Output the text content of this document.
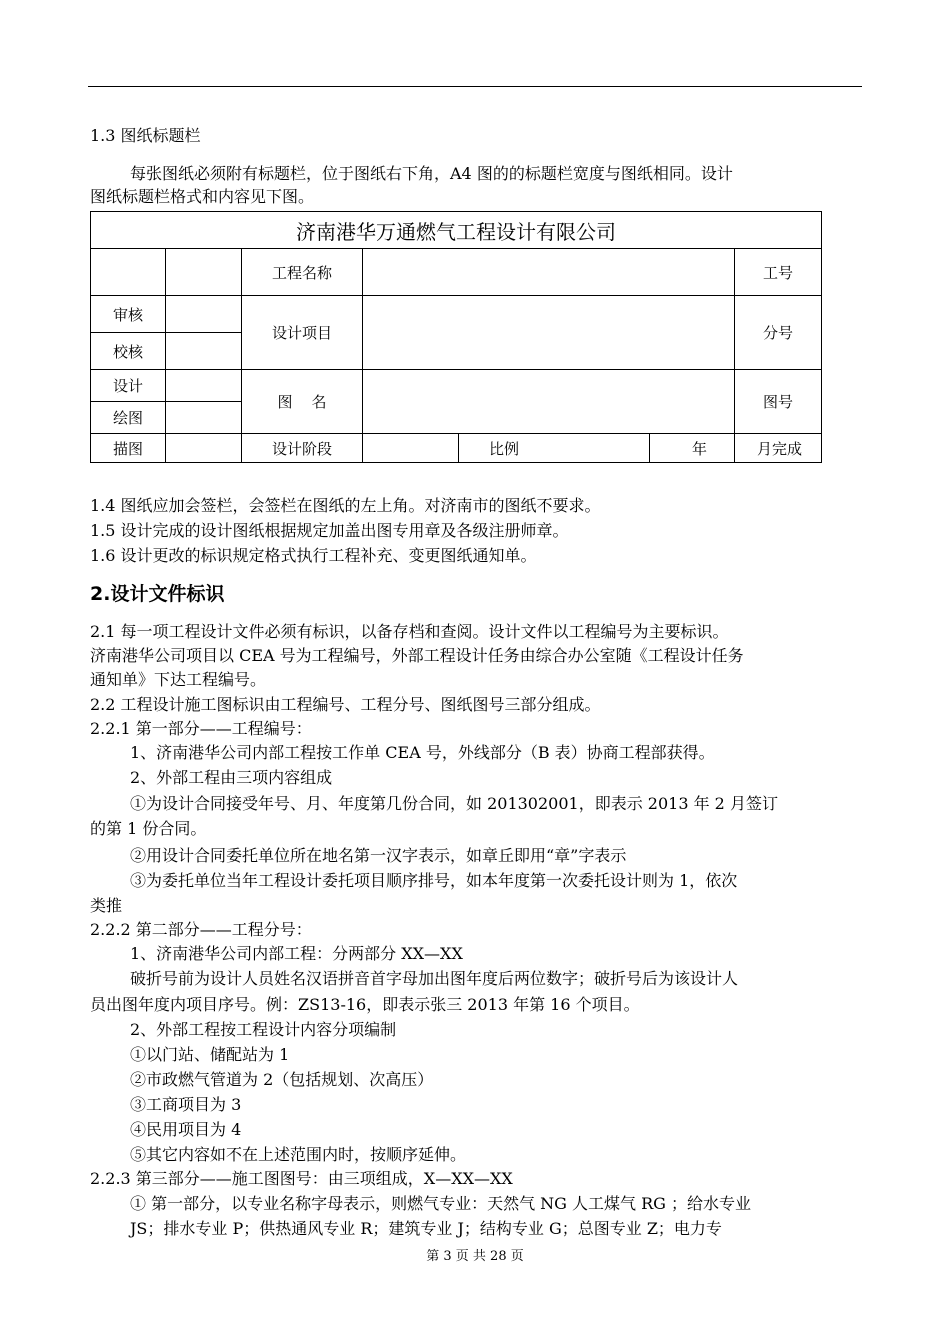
1.3 图纸标题栏
每张图纸必须附有标题栏，位于图纸右下角，A4 图的的标题栏宽度与图纸相同。设计
图纸标题栏格式和内容见下图。
济南港华万通燃气工程设计有限公司						
		工程名称				工号
审核		设计项目				分号
校核						
设计		图    名				图号
绘图						
描图		设计阶段		比例	年	月完成
1.4 图纸应加会签栏，会签栏在图纸的左上角。对济南市的图纸不要求。
1.5 设计完成的设计图纸根据规定加盖出图专用章及各级注册师章。
1.6 设计更改的标识规定格式执行工程补充、变更图纸通知单。
2.设计文件标识
2.1 每一项工程设计文件必须有标识，以备存档和查阅。设计文件以工程编号为主要标识。
济南港华公司项目以 CEA 号为工程编号，外部工程设计任务由综合办公室随《工程设计任务
通知单》下达工程编号。
2.2 工程设计施工图标识由工程编号、工程分号、图纸图号三部分组成。
2.2.1 第一部分——工程编号：
1、济南港华公司内部工程按工作单 CEA 号，外线部分（B 表）协商工程部获得。
2、外部工程由三项内容组成
①为设计合同接受年号、月、年度第几份合同，如 201302001，即表示 2013 年 2 月签订
的第 1 份合同。
②用设计合同委托单位所在地名第一汉字表示，如章丘即用“章”字表示
③为委托单位当年工程设计委托项目顺序排号，如本年度第一次委托设计则为 1，依次
类推
2.2.2 第二部分——工程分号：
1、济南港华公司内部工程：分两部分 XX—XX
破折号前为设计人员姓名汉语拼音首字母加出图年度后两位数字；破折号后为该设计人
员出图年度内项目序号。例：ZS13-16，即表示张三 2013 年第 16 个项目。
2、外部工程按工程设计内容分项编制
①以门站、储配站为 1
②市政燃气管道为 2（包括规划、次高压）
③工商项目为 3
④民用项目为 4
⑤其它内容如不在上述范围内时，按顺序延伸。
2.2.3 第三部分——施工图图号：由三项组成，X—XX—XX
① 第一部分，以专业名称字母表示，则燃气专业：天然气 NG 人工煤气 RG ；给水专业
JS；排水专业 P；供热通风专业 R；建筑专业 J；结构专业 G；总图专业 Z；电力专
第 3 页 共 28 页
